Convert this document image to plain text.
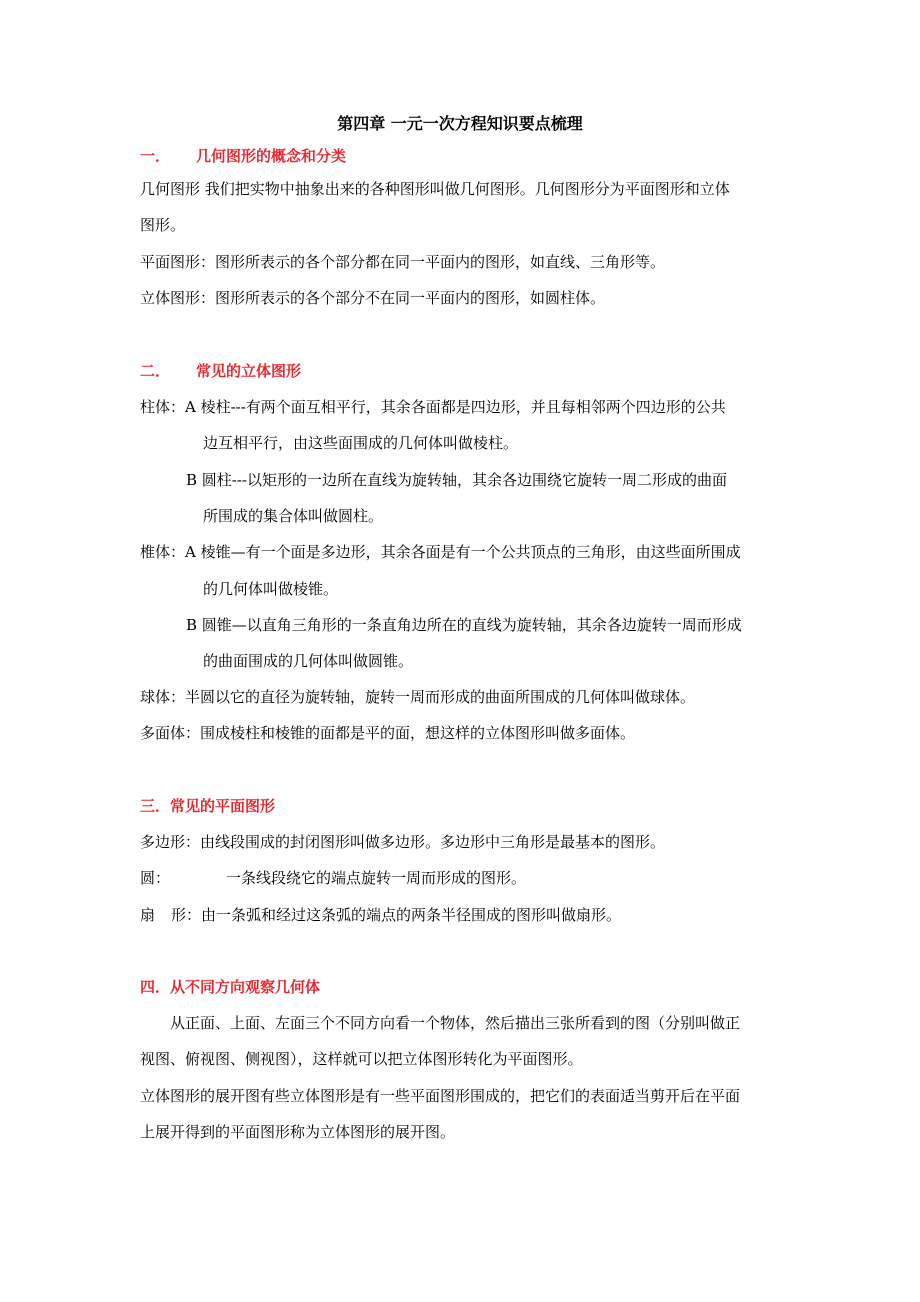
第四章 一元一次方程知识要点梳理
一． 几何图形的概念和分类
几何图形 我们把实物中抽象出来的各种图形叫做几何图形。几何图形分为平面图形和立体
图形。
平面图形：图形所表示的各个部分都在同一平面内的图形，如直线、三角形等。
立体图形：图形所表示的各个部分不在同一平面内的图形，如圆柱体。
二． 常见的立体图形
柱体：A 棱柱---有两个面互相平行，其余各面都是四边形，并且每相邻两个四边形的公共
边互相平行，由这些面围成的几何体叫做棱柱。
B 圆柱---以矩形的一边所在直线为旋转轴，其余各边围绕它旋转一周二形成的曲面
所围成的集合体叫做圆柱。
椎体：A 棱锥—有一个面是多边形，其余各面是有一个公共顶点的三角形，由这些面所围成
的几何体叫做棱锥。
B 圆锥—以直角三角形的一条直角边所在的直线为旋转轴，其余各边旋转一周而形成
的曲面围成的几何体叫做圆锥。
球体：半圆以它的直径为旋转轴，旋转一周而形成的曲面所围成的几何体叫做球体。
多面体：围成棱柱和棱锥的面都是平的面，想这样的立体图形叫做多面体。
三．常见的平面图形
多边形：由线段围成的封闭图形叫做多边形。多边形中三角形是最基本的图形。
圆：	一条线段绕它的端点旋转一周而形成的图形。
扇 形：由一条弧和经过这条弧的端点的两条半径围成的图形叫做扇形。
四．从不同方向观察几何体
从正面、上面、左面三个不同方向看一个物体，然后描出三张所看到的图（分别叫做正
视图、俯视图、侧视图），这样就可以把立体图形转化为平面图形。
立体图形的展开图有些立体图形是有一些平面图形围成的，把它们的表面适当剪开后在平面
上展开得到的平面图形称为立体图形的展开图。
